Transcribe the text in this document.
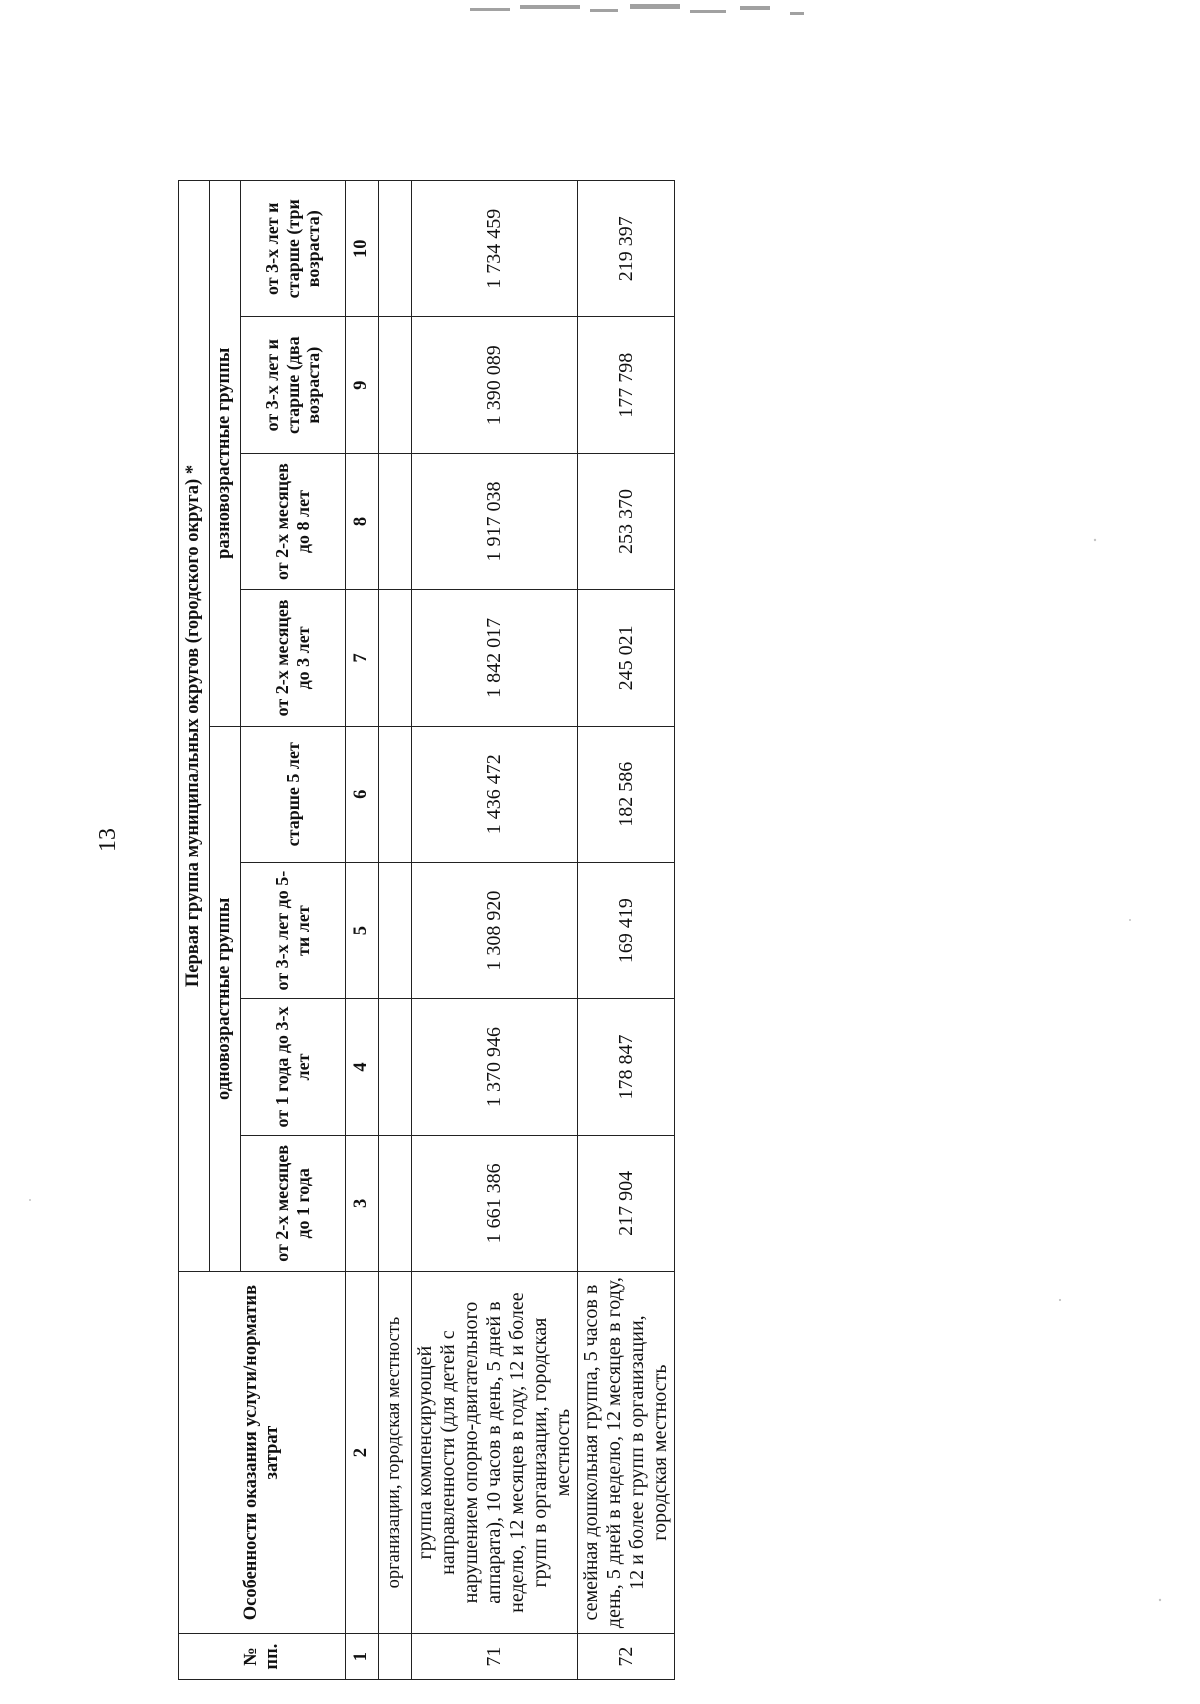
13
№ пп.	Особенности оказания услуги/норматив затрат	Первая группа муниципальных округов (городского округа) *							
		одновозрастные группы				разновозрастные группы			
		от 2-х месяцев до 1 года	от 1 года до 3-х лет	от 3-х лет до 5-ти лет	старше 5 лет	от 2-х месяцев до 3 лет	от 2-х месяцев до 8 лет	от 3-х лет и старше (два возраста)	от 3-х лет и старше (три возраста)
1	2	3	4	5	6	7	8	9	10
	организации, городская местность								
71	группа компенсирующей направленности (для детей с нарушением опорно-двигательного аппарата), 10 часов в день, 5 дней в неделю, 12 месяцев в году, 12 и более групп в организации, городская местность	1 661 386	1 370 946	1 308 920	1 436 472	1 842 017	1 917 038	1 390 089	1 734 459
72	семейная дошкольная группа, 5 часов в день, 5 дней в неделю, 12 месяцев в году, 12 и более групп в организации, городская местность	217 904	178 847	169 419	182 586	245 021	253 370	177 798	219 397
